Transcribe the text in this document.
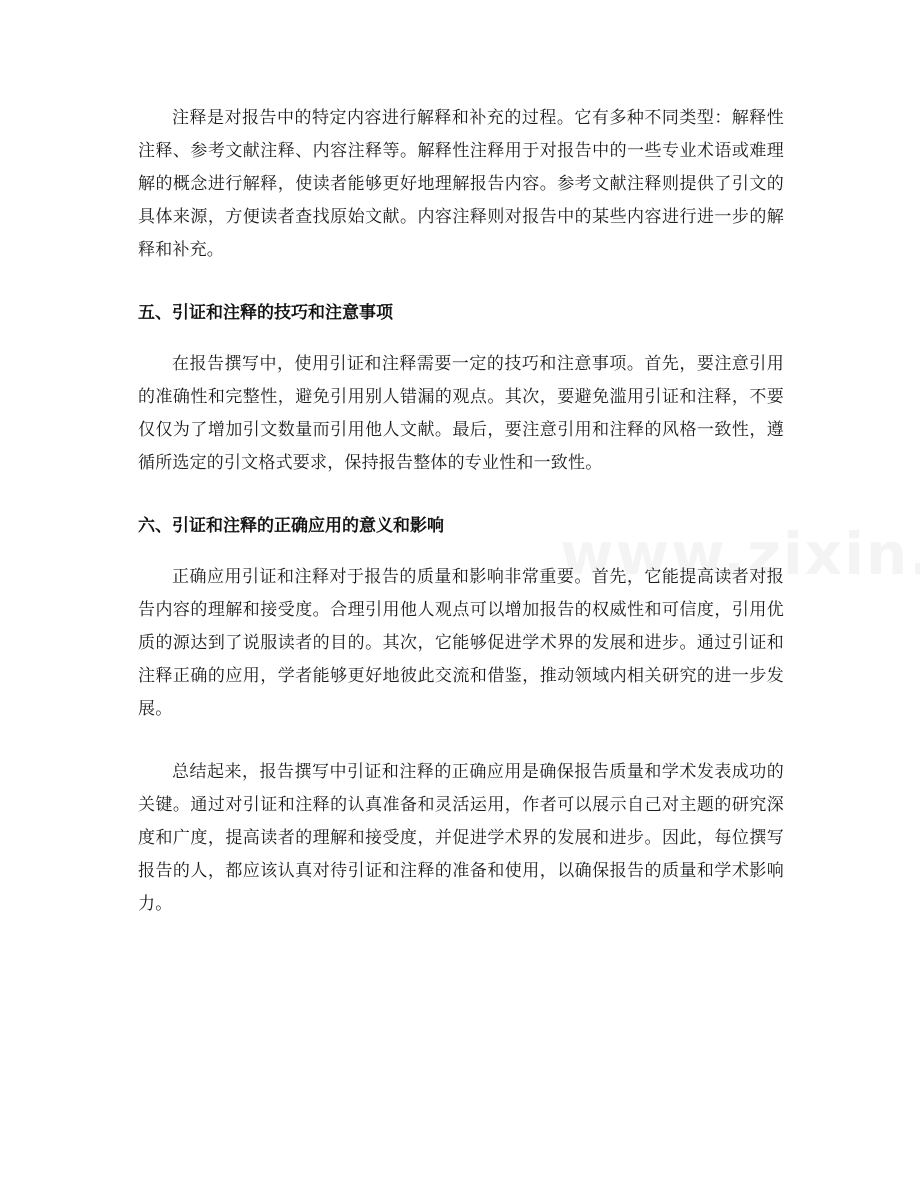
注释是对报告中的特定内容进行解释和补充的过程。它有多种不同类型：解释性注释、参考文献注释、内容注释等。解释性注释用于对报告中的一些专业术语或难理解的概念进行解释，使读者能够更好地理解报告内容。参考文献注释则提供了引文的具体来源，方便读者查找原始文献。内容注释则对报告中的某些内容进行进一步的解释和补充。

五、引证和注释的技巧和注意事项

在报告撰写中，使用引证和注释需要一定的技巧和注意事项。首先，要注意引用的准确性和完整性，避免引用别人错漏的观点。其次，要避免滥用引证和注释，不要仅仅为了增加引文数量而引用他人文献。最后，要注意引用和注释的风格一致性，遵循所选定的引文格式要求，保持报告整体的专业性和一致性。

六、引证和注释的正确应用的意义和影响

正确应用引证和注释对于报告的质量和影响非常重要。首先，它能提高读者对报告内容的理解和接受度。合理引用他人观点可以增加报告的权威性和可信度，引用优质的源达到了说服读者的目的。其次，它能够促进学术界的发展和进步。通过引证和注释正确的应用，学者能够更好地彼此交流和借鉴，推动领域内相关研究的进一步发展。

总结起来，报告撰写中引证和注释的正确应用是确保报告质量和学术发表成功的关键。通过对引证和注释的认真准备和灵活运用，作者可以展示自己对主题的研究深度和广度，提高读者的理解和接受度，并促进学术界的发展和进步。因此，每位撰写报告的人，都应该认真对待引证和注释的准备和使用，以确保报告的质量和学术影响力。
